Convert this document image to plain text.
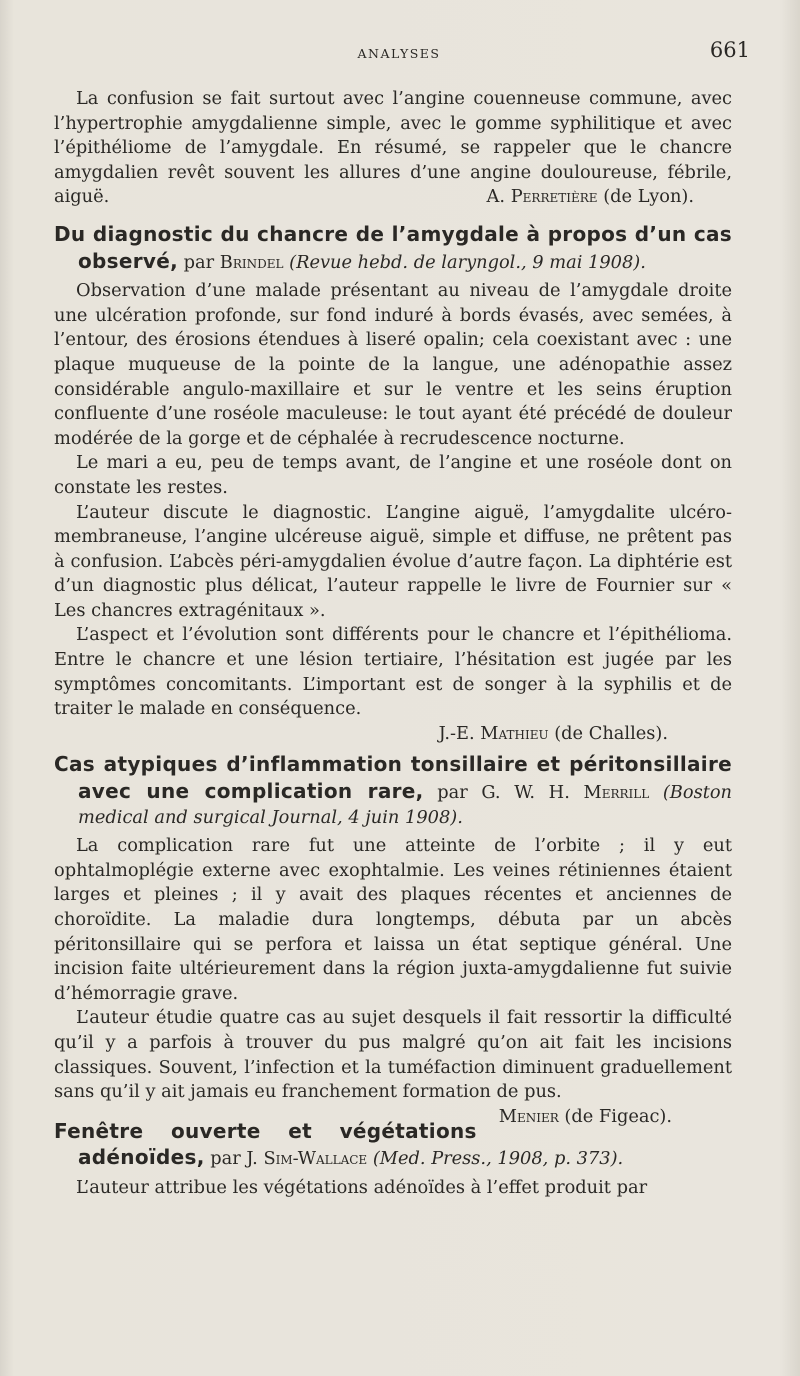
ANALYSES	661

La confusion se fait surtout avec l’angine couenneuse commune, avec l’hypertrophie amygdalienne simple, avec le gomme syphilitique et avec l’épithéliome de l’amygdale. En résumé, se rappeler que le chancre amygdalien revêt souvent les allures d’une angine douloureuse, fébrile, aiguë.	A. Perretière (de Lyon).

Du diagnostic du chancre de l’amygdale à propos d’un cas observé, par Brindel (Revue hebd. de laryngol., 9 mai 1908).

Observation d’une malade présentant au niveau de l’amygdale droite une ulcération profonde, sur fond induré à bords évasés, avec semées, à l’entour, des érosions étendues à liseré opalin; cela coexistant avec : une plaque muqueuse de la pointe de la langue, une adénopathie assez considérable angulo-maxillaire et sur le ventre et les seins éruption confluente d’une roséole maculeuse: le tout ayant été précédé de douleur modérée de la gorge et de céphalée à recrudescence nocturne.

Le mari a eu, peu de temps avant, de l’angine et une roséole dont on constate les restes.

L’auteur discute le diagnostic. L’angine aiguë, l’amygdalite ulcéro-membraneuse, l’angine ulcéreuse aiguë, simple et diffuse, ne prêtent pas à confusion. L’abcès péri-amygdalien évolue d’autre façon. La diphtérie est d’un diagnostic plus délicat, l’auteur rappelle le livre de Fournier sur « Les chancres extragénitaux ».

L’aspect et l’évolution sont différents pour le chancre et l’épithélioma. Entre le chancre et une lésion tertiaire, l’hésitation est jugée par les symptômes concomitants. L’important est de songer à la syphilis et de traiter le malade en conséquence.

J.-E. Mathieu (de Challes).

Cas atypiques d’inflammation tonsillaire et péritonsillaire avec une complication rare, par G. W. H. Merrill (Boston medical and surgical Journal, 4 juin 1908).

La complication rare fut une atteinte de l’orbite ; il y eut ophtalmoplégie externe avec exophtalmie. Les veines rétiniennes étaient larges et pleines ; il y avait des plaques récentes et anciennes de choroïdite. La maladie dura longtemps, débuta par un abcès péritonsillaire qui se perfora et laissa un état septique général. Une incision faite ultérieurement dans la région juxta-amygdalienne fut suivie d’hémorragie grave.

L’auteur étudie quatre cas au sujet desquels il fait ressortir la difficulté qu’il y a parfois à trouver du pus malgré qu’on ait fait les incisions classiques. Souvent, l’infection et la tuméfaction diminuent graduellement sans qu’il y ait jamais eu franchement formation de pus.
Menier (de Figeac).

Fenêtre ouverte et végétations adénoïdes, par J. Sim-Wallace (Med. Press., 1908, p. 373).

L’auteur attribue les végétations adénoïdes à l’effet produit par
